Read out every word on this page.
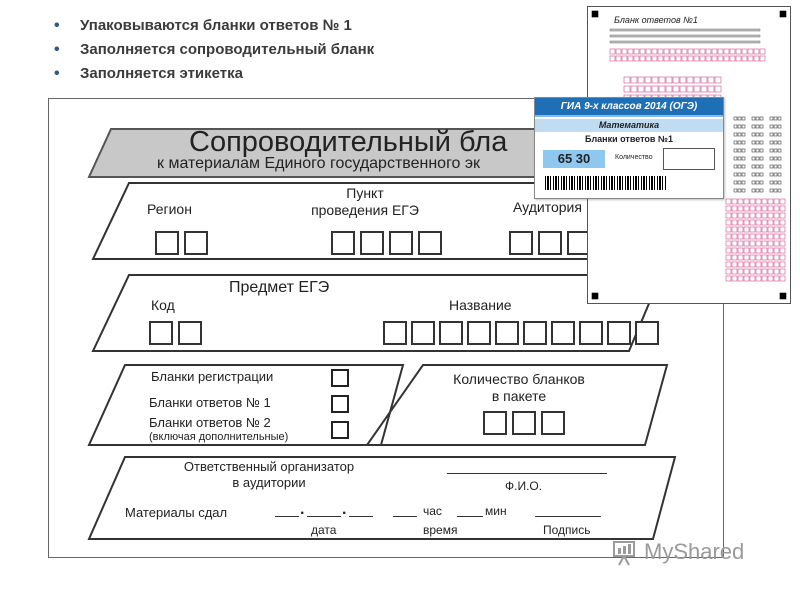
• Упаковываются бланки ответов № 1
• Заполняется сопроводительный бланк
• Заполняется этикетка
Сопроводительный бла
к материалам Единого государственного эк
Регион
Пункт
проведения ЕГЭ	Аудитория
Предмет ЕГЭ
Код	Название
Бланки регистрации
Бланки ответов № 1
Бланки ответов № 2
(включая дополнительные)
Количество бланков
в пакете
Ответственный организатор
в аудитории	Ф.И.О.
Материалы сдал	. .
дата
час	мин
время	Подпись
Бланк ответов №1
ГИА 9-х классов 2014 (ОГЭ)
Математика
Бланки ответов №1
65 30	Количество
MyShared
